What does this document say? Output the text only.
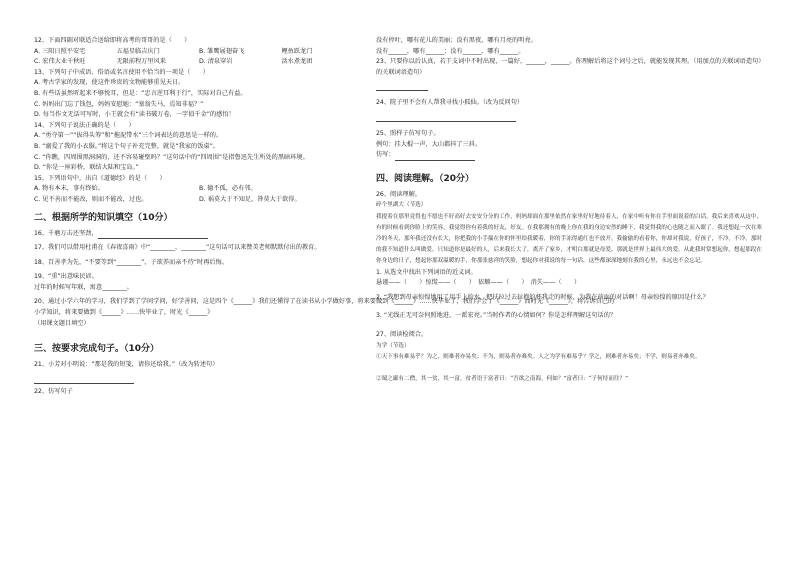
12、下面四副对联适合送给即将高考的哥哥的是（　　）
A. 三阳日照平安宅	五福星临吉庆门	B. 雏鹰展翅奋飞	鲤鱼跃龙门
C. 宏伟大业千秋旺	无限前程万里风来	D. 清泉穿岩	活水煮龙团
13、下列句子中成语、俗语或名言使用不恰当的一项是（　　）
A. 考古学家的发现，使这件珍贵的文物能够重见天日。
B. 有些话虽然听起来不够悦耳，但是：“忠言逆耳利于行”，实际对自己有益。
C. 妈妈出门忘了钱包，妈妈安慰她：“塞翁失马，焉知非福？”
D. 每当作文无话可写时，小王就会有“读书破万卷，一字值千金”的感悟！
14、下列句子说法正确的是（　　）
A. “勇夺第一”“拔得头筹”和“拖泥带水”三个词表达的意思是一样的。
B. “溺爱了我的小衣服。”将这个句子补充完整，就是“我家的饭桌”。
C. “你瞧，四周围黑洞洞的，还不容易碰壁吗？”这句话中的“四周围”是指鲁迅先生所处的黑暗环境。
D. “你是一座彩桥，联结大陆和宝岛。”
15、下列语句中，出自《道德经》的是（　　）
A. 物有本末，事有终始。	B. 德不孤，必有邻。
C. 见不善而不能改，则而不能改，过也。	D. 祸莫大于不知足，咎莫大于欲得。
二、根据所学的知识填空（10分）
16、千磨万击还坚劲，
17、我们可以借用杜甫在《春夜喜雨》中“________，________”这句话可以来赞美老师默默付出的教育。
18、百善孝为先，“不要等到“________”，子欲养而亲不待”时再后悔。
19、“重”出意味民谚。
过年的时候写年联，寓意________。
20、通过小学六年的学习，我们学到了学问学问，好学善问，这是四个《______》我们还懂得了在读书从小学做好事，将来要做到《______》……快毕业了，我们学会了《______》而时光《______》，将告诉自己的
小学知识，将来要做到《______》……快毕业了，时光《______》
（用课文题目填空）
三、按要求完成句子。（10分）
21、小芳对小明说：“那是我的短笺，请你还给我。”（改为转述句）
22、仿写句子
没有停叶，哪有花儿的美丽；没有黑夜，哪有月亮的明亮。
没有______，哪有______；没有______，哪有______。
23、只要你以后认真，若干支词中不时出现，一篇好，______，______。你理解后将这个词号之后，就能发现其理。（用加点的关联词语造句）
的关联词语造句）
24、院子里不会有人帮我寻找小狐仙。（改为反问句）
25、照样子仿写句子。
例句：挂大棍一声，大山都抖了三抖。
仿写：
四、阅读理解。（20分）
26、阅读理解。
碎个里湖大（节选）
我提着在那里竟得也不愿也不好高好去安安分分的工作，妈妈却面在那里依然在家里好好地待着人，在家中听有你在手里面说着的白话。我后来喜欢从这中，有的时候看到你脸上的笑容，我觉得你有着我的好友，好友。在我那拥有的晚上你在我的身边安然的睡下，我觉得我的心也随之而入眠了。我还想起一次在寒冷的冬天，那年我还没有长大，你把我的小手揣在你的怀里给我暖着，你的手冻得通红也不放开，我偷偷的看着你，你却对我说，好孩子，不冷，不冷。那时的我不知道什么叫做爱，只知道你是最好的人，后来我长大了，离开了家乡，才明白那就是母爱，那就是世界上最伟大的爱。从此我时常想起你，想起那段在你身边的日子，想起你那双温暖的手，你那张慈祥的笑脸，想起你对我说的每一句话，这些都深深地刻在我的心里，永远也不会忘记。
1. 从选文中找出下列词语的近义词。
悬谨——（　　）惊慌——（　　）　依顺——（　　）　消失——（　　）
2. “我想到母亲惊惶地用了用手上的水，把扶拉过去拉抱的杯我走的时候，为我在前面的对话啊！母亲惊惶的原因是什么？
3. “光线正无可奈何照地进，一派宏亮。”当时作者的心情如何？你是怎样理解这句话的？
27、阅读检阅合。
为学（节选）
①天下事有难易乎？为之，则难者亦易矣；不为，则易者亦难矣。人之为学有难易乎？学之，则难者亦易矣；不学，则易者亦难矣。
②蜀之鄙有二僧，其一贫，其一富。贫者语于富者曰：“吾欲之南海，何如？”富者曰：“子何恃而往？”
